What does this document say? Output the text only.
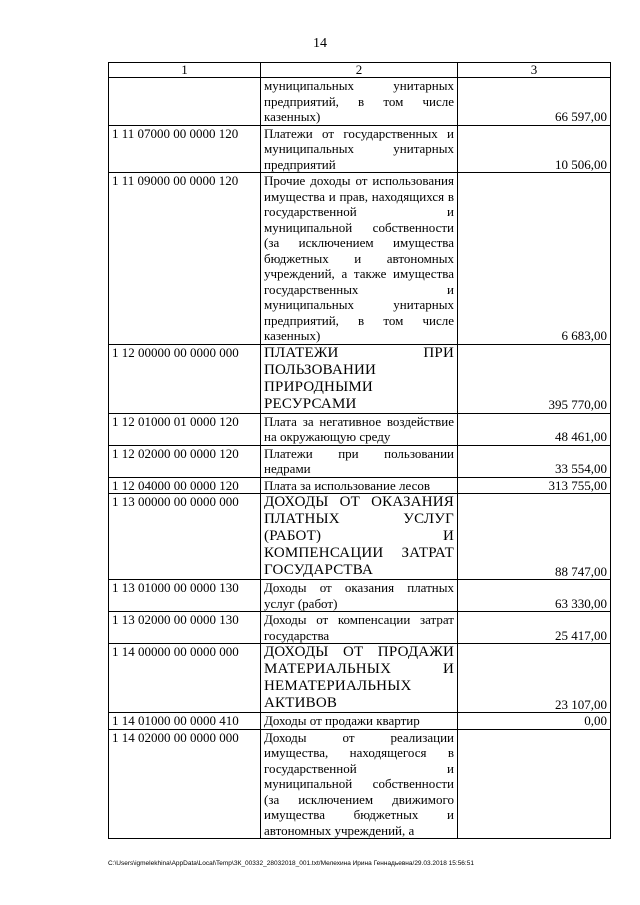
14
1	2	3
	муниципальных унитарных предприятий, в том числе казенных)	66 597,00
1 11 07000 00 0000 120	Платежи от государственных и муниципальных унитарных предприятий	10 506,00
1 11 09000 00 0000 120	Прочие доходы от использования имущества и прав, находящихся в государственной и муниципальной собственности (за исключением имущества бюджетных и автономных учреждений, а также имущества государственных и муниципальных унитарных предприятий, в том числе казенных)	6 683,00
1 12 00000 00 0000 000	ПЛАТЕЖИ ПРИ ПОЛЬЗОВАНИИ ПРИРОДНЫМИ РЕСУРСАМИ	395 770,00
1 12 01000 01 0000 120	Плата за негативное воздействие на окружающую среду	48 461,00
1 12 02000 00 0000 120	Платежи при пользовании недрами	33 554,00
1 12 04000 00 0000 120	Плата за использование лесов	313 755,00
1 13 00000 00 0000 000	ДОХОДЫ ОТ ОКАЗАНИЯ ПЛАТНЫХ УСЛУГ (РАБОТ) И КОМПЕНСАЦИИ ЗАТРАТ ГОСУДАРСТВА	88 747,00
1 13 01000 00 0000 130	Доходы от оказания платных услуг (работ)	63 330,00
1 13 02000 00 0000 130	Доходы от компенсации затрат государства	25 417,00
1 14 00000 00 0000 000	ДОХОДЫ ОТ ПРОДАЖИ МАТЕРИАЛЬНЫХ И НЕМАТЕРИАЛЬНЫХ АКТИВОВ	23 107,00
1 14 01000 00 0000 410	Доходы от продажи квартир	0,00
1 14 02000 00 0000 000	Доходы от реализации имущества, находящегося в государственной и муниципальной собственности (за исключением движимого имущества бюджетных и автономных учреждений, а	
C:\Users\igmelekhina\AppData\Local\Temp\ЗК_00332_28032018_001.txt/Мелехина Ирина Геннадьевна/29.03.2018 15:56:51
